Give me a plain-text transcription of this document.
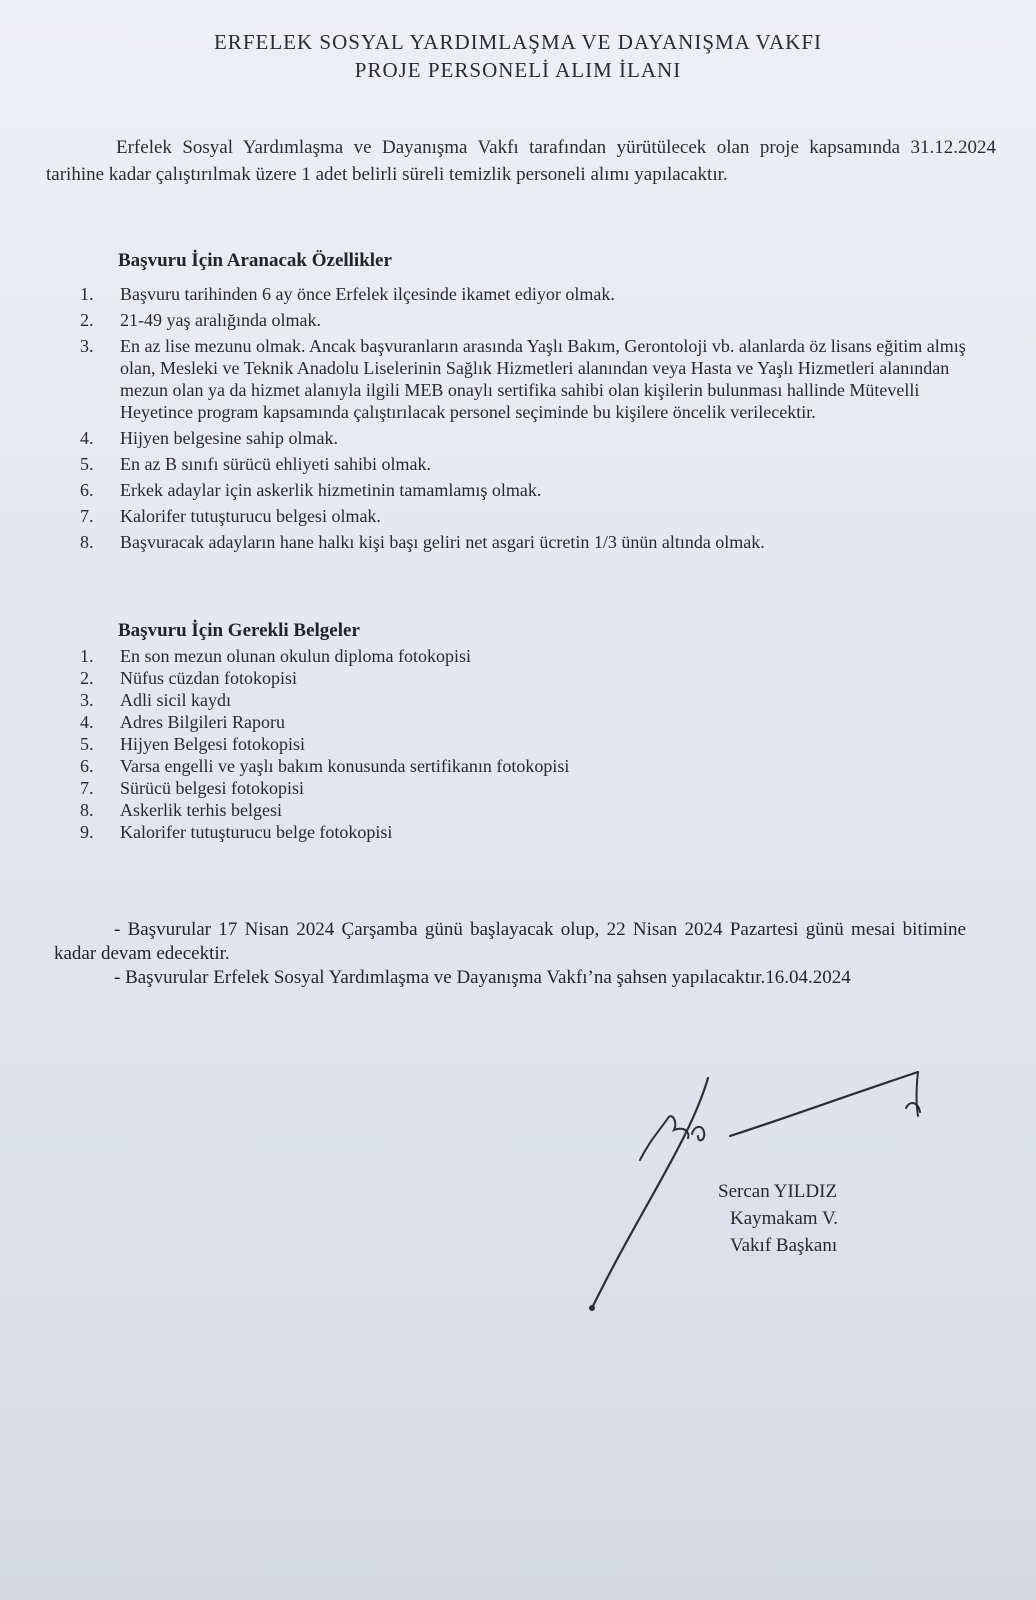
ERFELEK SOSYAL YARDIMLAŞMA VE DAYANIŞMA VAKFI
PROJE PERSONELİ ALIM İLANI
Erfelek Sosyal Yardımlaşma ve Dayanışma Vakfı tarafından yürütülecek olan proje kapsamında 31.12.2024 tarihine kadar çalıştırılmak üzere 1 adet belirli süreli temizlik personeli alımı yapılacaktır.
Başvuru İçin Aranacak Özellikler
1.	Başvuru tarihinden 6 ay önce Erfelek ilçesinde ikamet ediyor olmak.
2.	21-49 yaş aralığında olmak.
3.	En az lise mezunu olmak. Ancak başvuranların arasında Yaşlı Bakım, Gerontoloji vb. alanlarda öz lisans eğitim almış olan, Mesleki ve Teknik Anadolu Liselerinin Sağlık Hizmetleri alanından veya Hasta ve Yaşlı Hizmetleri alanından mezun olan ya da hizmet alanıyla ilgili MEB onaylı sertifika sahibi olan kişilerin bulunması hallinde Mütevelli Heyetince program kapsamında çalıştırılacak personel seçiminde bu kişilere öncelik verilecektir.
4.	Hijyen belgesine sahip olmak.
5.	En az B sınıfı sürücü ehliyeti sahibi olmak.
6.	Erkek adaylar için askerlik hizmetinin tamamlamış olmak.
7.	Kalorifer tutuşturucu belgesi olmak.
8.	Başvuracak adayların hane halkı kişi başı geliri net asgari ücretin 1/3 ünün altında olmak.
Başvuru İçin Gerekli Belgeler
1.	En son mezun olunan okulun diploma fotokopisi
2.	Nüfus cüzdan fotokopisi
3.	Adli sicil kaydı
4.	Adres Bilgileri Raporu
5.	Hijyen Belgesi fotokopisi
6.	Varsa engelli ve yaşlı bakım konusunda sertifikanın fotokopisi
7.	Sürücü belgesi fotokopisi
8.	Askerlik terhis belgesi
9.	Kalorifer tutuşturucu belge fotokopisi
- Başvurular 17 Nisan 2024 Çarşamba günü başlayacak olup, 22 Nisan 2024 Pazartesi günü mesai bitimine kadar devam edecektir.
- Başvurular Erfelek Sosyal Yardımlaşma ve Dayanışma Vakfı’na şahsen yapılacaktır.16.04.2024
Sercan YILDIZ
Kaymakam V.
Vakıf Başkanı
